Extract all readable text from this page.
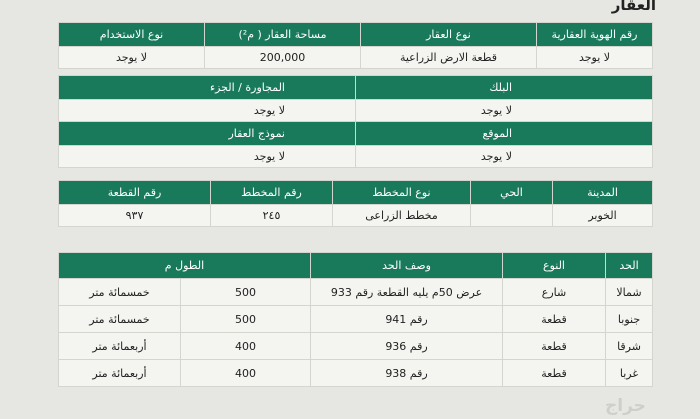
العقار
رقم الهوية العقارية	نوع العقار	مساحة العقار ( م²)	نوع الاستخدام
لا يوجد	قطعة الارض الزراعية	200,000	لا يوجد
البلك	المجاورة / الجزء
لا يوجد	لا يوجد
الموقع	نموذج العقار
لا يوجد	لا يوجد
المدينة	الحي	نوع المخطط	رقم المخطط	رقم القطعة
الخوبر		مخطط الزراعى	٢٤٥	٩٣٧
الحد	النوع	وصف الحد	الطول م	
شمالا	شارع	عرض 50م يليه القطعة رقم 933	500	خمسمائة متر
جنوبا	قطعة	رقم 941	500	خمسمائة متر
شرقا	قطعة	رقم 936	400	أربعمائة متر
غربا	قطعة	رقم 938	400	أربعمائة متر
حراج
